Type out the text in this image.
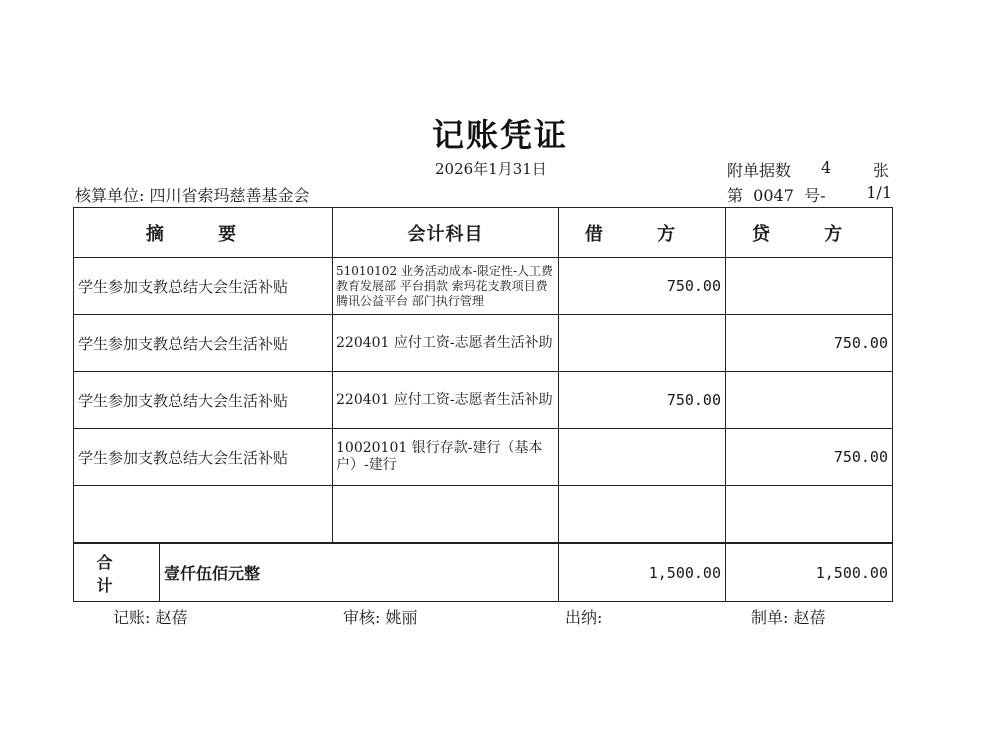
记账凭证
2026年1月31日	附单据数 4	张
核算单位: 四川省索玛慈善基金会	第  0047  号-	1/1
摘 要		会计科目	借 方	贷 方
学生参加支教总结大会生活补贴		51010102 业务活动成本-限定性-人工费 教育发展部 平台捐款 索玛花支教项目费 腾讯公益平台 部门执行管理	750.00	
学生参加支教总结大会生活补贴		220401 应付工资-志愿者生活补助		750.00
学生参加支教总结大会生活补贴		220401 应付工资-志愿者生活补助	750.00	
学生参加支教总结大会生活补贴		10020101 银行存款-建行（基本户）-建行		750.00

合 计	壹仟伍佰元整		1,500.00	1,500.00
记账: 赵蓓	审核: 姚丽	出纳:	制单: 赵蓓
